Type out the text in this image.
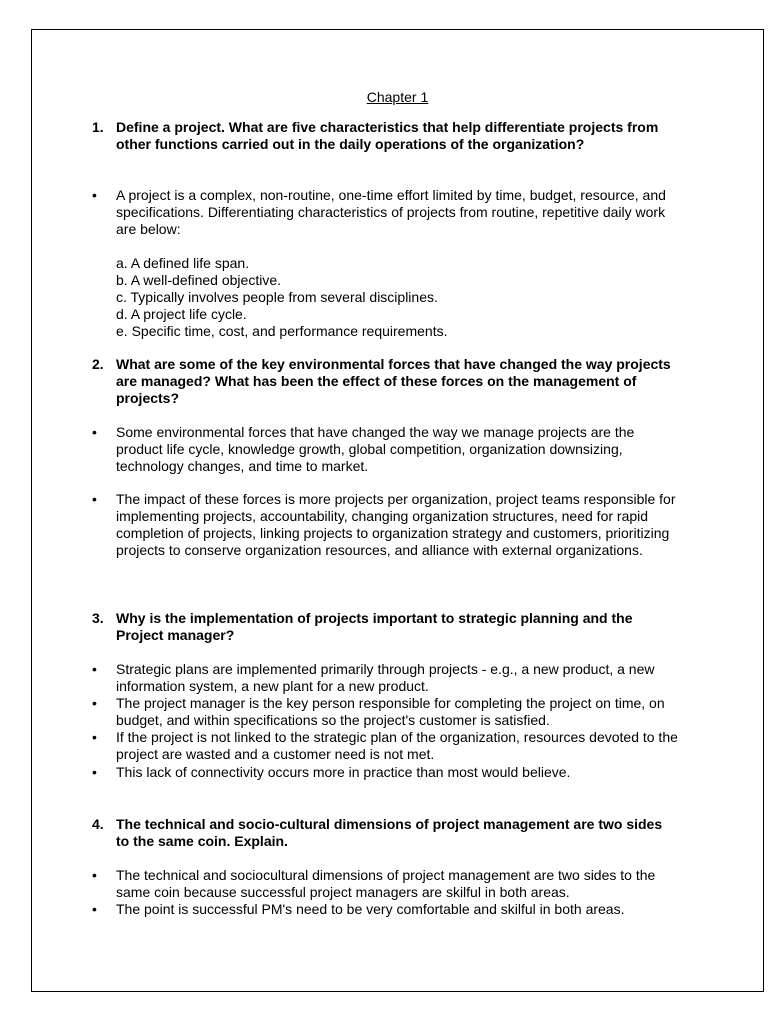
Chapter 1
1. Define a project. What are five characteristics that help differentiate projects from other functions carried out in the daily operations of the organization?
• A project is a complex, non-routine, one-time effort limited by time, budget, resource, and specifications. Differentiating characteristics of projects from routine, repetitive daily work are below:
a. A defined life span.
b. A well-defined objective.
c. Typically involves people from several disciplines.
d. A project life cycle.
e. Specific time, cost, and performance requirements.
2. What are some of the key environmental forces that have changed the way projects are managed? What has been the effect of these forces on the management of projects?
• Some environmental forces that have changed the way we manage projects are the product life cycle, knowledge growth, global competition, organization downsizing, technology changes, and time to market.
• The impact of these forces is more projects per organization, project teams responsible for implementing projects, accountability, changing organization structures, need for rapid completion of projects, linking projects to organization strategy and customers, prioritizing projects to conserve organization resources, and alliance with external organizations.
3. Why is the implementation of projects important to strategic planning and the Project manager?
• Strategic plans are implemented primarily through projects - e.g., a new product, a new information system, a new plant for a new product.
• The project manager is the key person responsible for completing the project on time, on budget, and within specifications so the project's customer is satisfied.
• If the project is not linked to the strategic plan of the organization, resources devoted to the project are wasted and a customer need is not met.
• This lack of connectivity occurs more in practice than most would believe.
4. The technical and socio-cultural dimensions of project management are two sides to the same coin. Explain.
• The technical and sociocultural dimensions of project management are two sides to the same coin because successful project managers are skilful in both areas.
• The point is successful PM's need to be very comfortable and skilful in both areas.
